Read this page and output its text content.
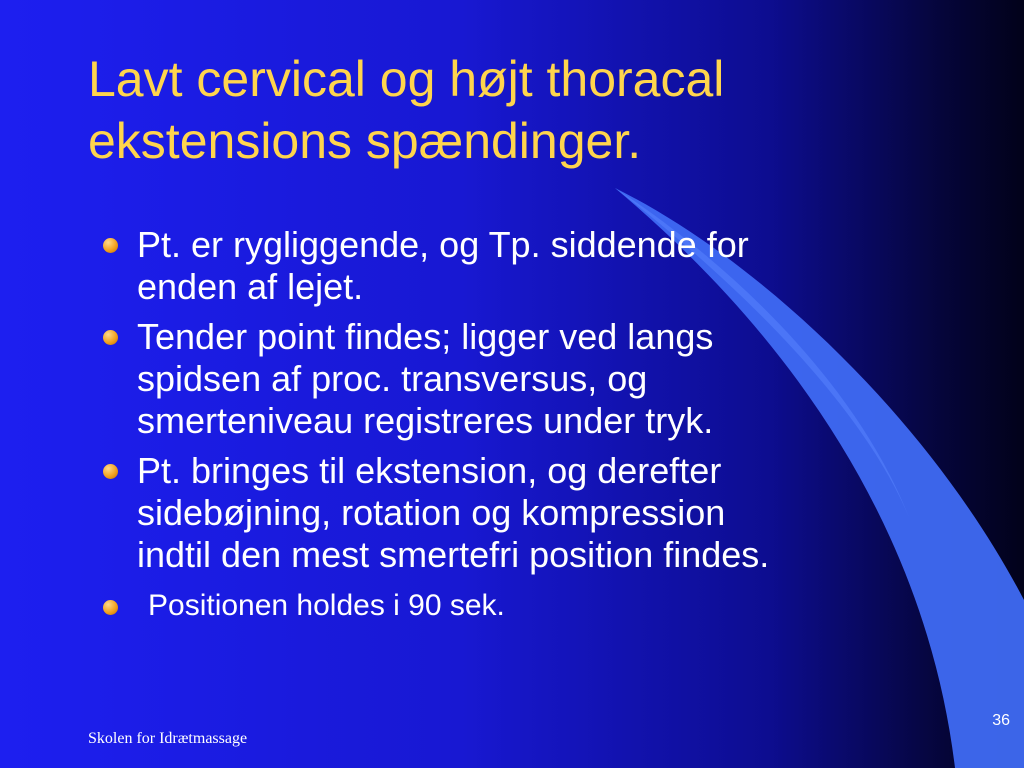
Lavt cervical og højt thoracal
ekstensions spændinger.
Pt. er rygliggende, og Tp. siddende for
enden af lejet.
Tender point findes; ligger ved langs
spidsen af proc. transversus, og
smerteniveau registreres under tryk.
Pt. bringes til ekstension, og derefter
sidebøjning, rotation og kompression
indtil den mest smertefri position findes.
Positionen holdes i 90 sek.
Skolen for Idrætmassage
36
